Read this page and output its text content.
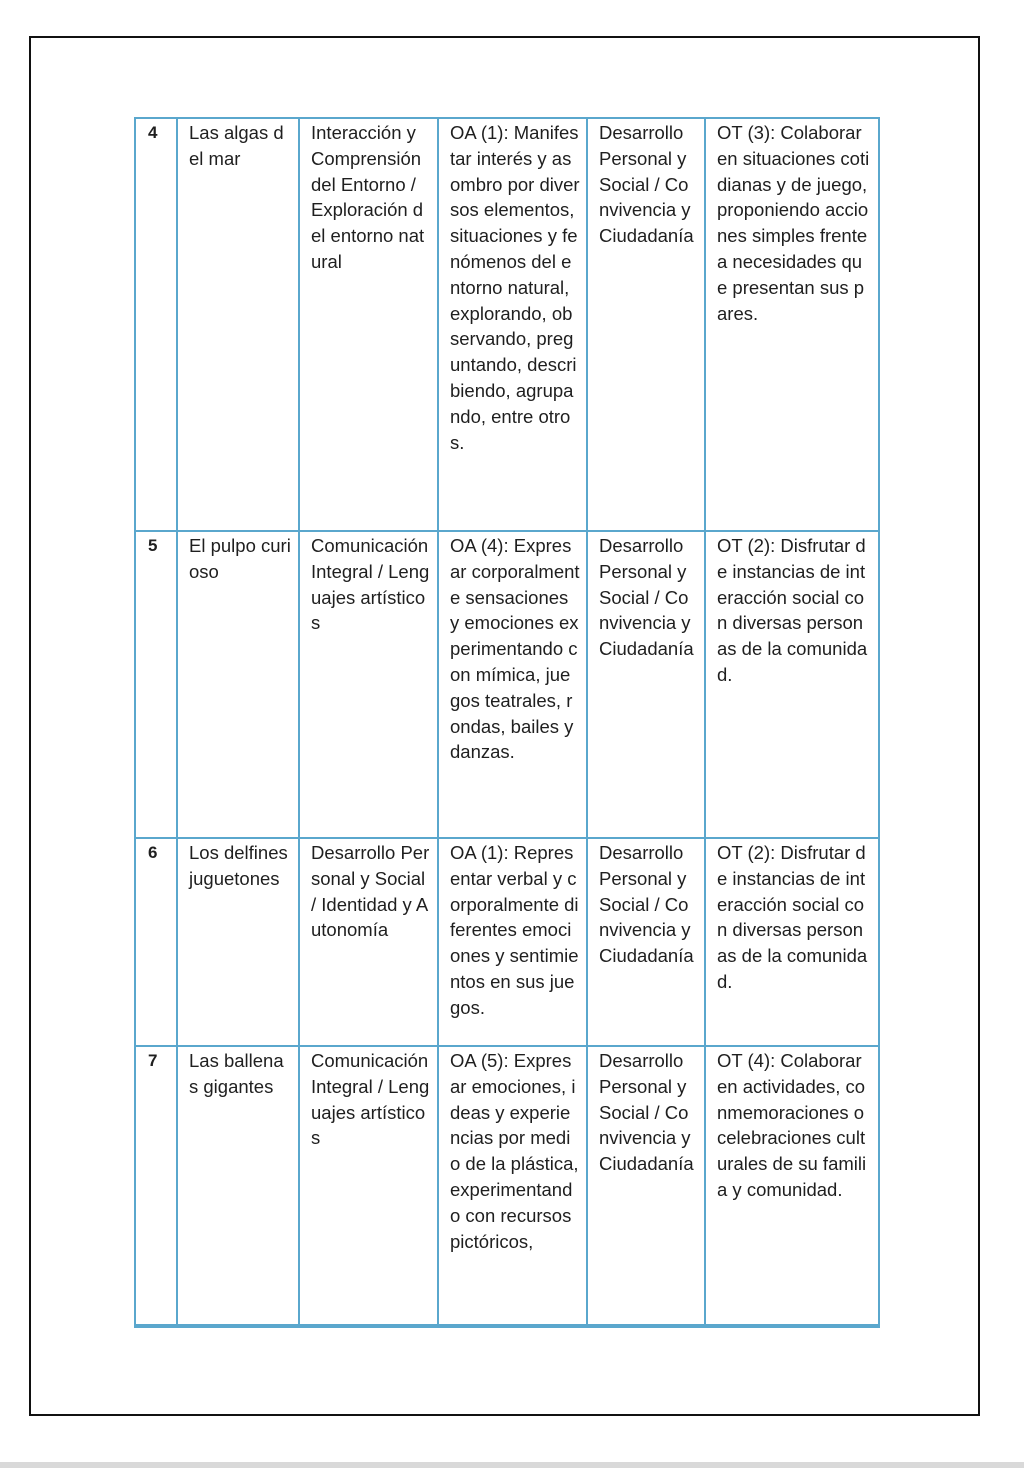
4	Las algas del mar	Interacción y Comprensión del Entorno / Exploración del entorno natural	OA (1): Manifestar interés y asombro por diversos elementos, situaciones y fenómenos del entorno natural, explorando, observando, preguntando, describiendo, agrupando, entre otros.	Desarrollo Personal y Social / Convivencia y Ciudadanía	OT (3): Colaborar en situaciones cotidianas y de juego, proponiendo acciones simples frente a necesidades que presentan sus pares.
5	El pulpo curioso	Comunicación Integral / Lenguajes artísticos	OA (4): Expresar corporalmente sensaciones y emociones experimentando con mímica, juegos teatrales, rondas, bailes y danzas.	Desarrollo Personal y Social / Convivencia y Ciudadanía	OT (2): Disfrutar de instancias de interacción social con diversas personas de la comunidad.
6	Los delfines juguetones	Desarrollo Personal y Social / Identidad y Autonomía	OA (1): Representar verbal y corporalmente diferentes emociones y sentimientos en sus juegos.	Desarrollo Personal y Social / Convivencia y Ciudadanía	OT (2): Disfrutar de instancias de interacción social con diversas personas de la comunidad.
7	Las ballenas gigantes	Comunicación Integral / Lenguajes artísticos	OA (5): Expresar emociones, ideas y experiencias por medio de la plástica, experimentando con recursos pictóricos,	Desarrollo Personal y Social / Convivencia y Ciudadanía	OT (4): Colaborar en actividades, conmemoraciones o celebraciones culturales de su familia y comunidad.
